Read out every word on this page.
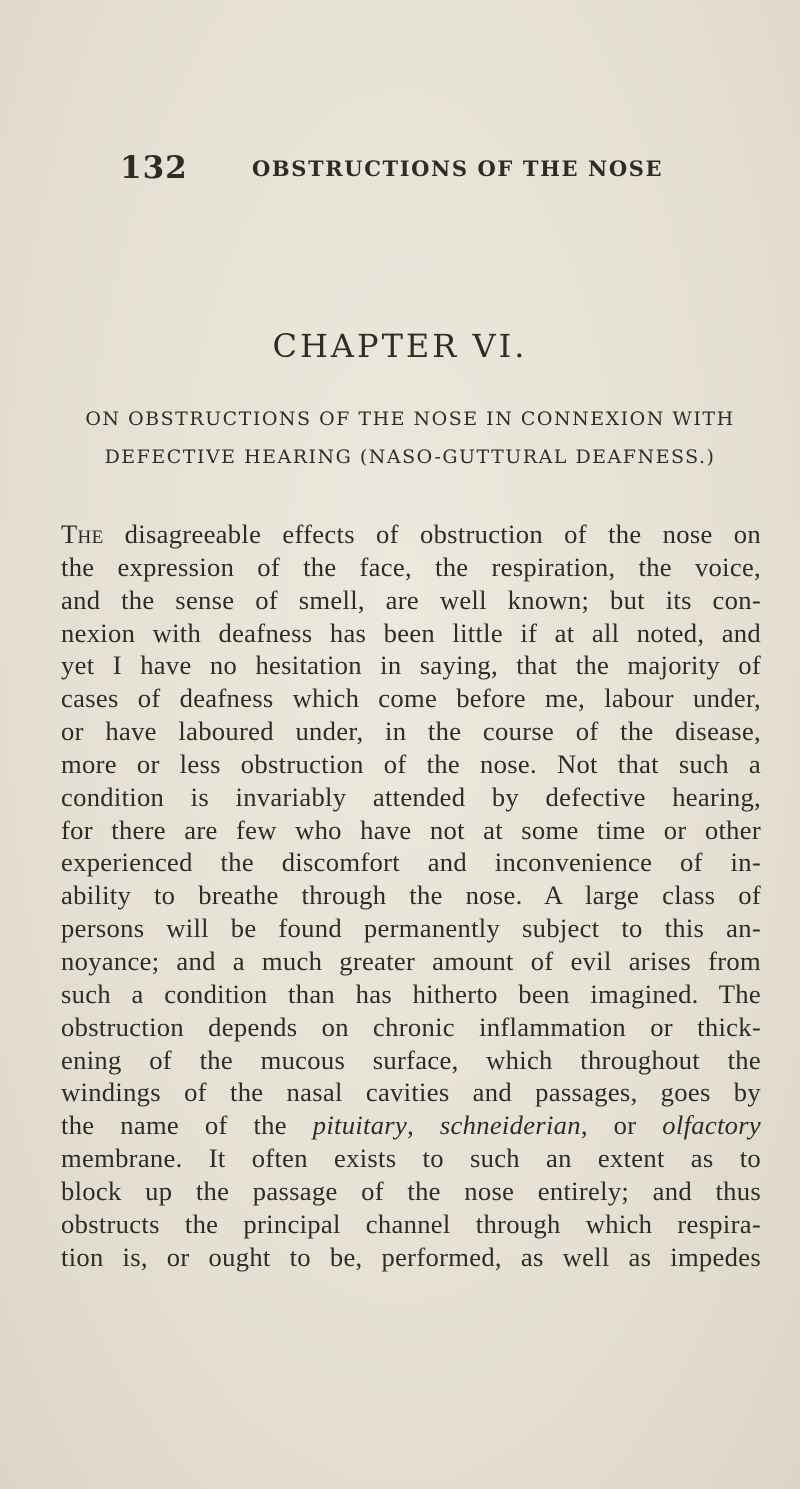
132	OBSTRUCTIONS OF THE NOSE
CHAPTER VI.
ON OBSTRUCTIONS OF THE NOSE IN CONNEXION WITH
DEFECTIVE HEARING (NASO-GUTTURAL DEAFNESS.)
The disagreeable effects of obstruction of the nose on
the expression of the face, the respiration, the voice,
and the sense of smell, are well known; but its con-
nexion with deafness has been little if at all noted, and
yet I have no hesitation in saying, that the majority of
cases of deafness which come before me, labour under,
or have laboured under, in the course of the disease,
more or less obstruction of the nose. Not that such a
condition is invariably attended by defective hearing,
for there are few who have not at some time or other
experienced the discomfort and inconvenience of in-
ability to breathe through the nose. A large class of
persons will be found permanently subject to this an-
noyance; and a much greater amount of evil arises from
such a condition than has hitherto been imagined. The
obstruction depends on chronic inflammation or thick-
ening of the mucous surface, which throughout the
windings of the nasal cavities and passages, goes by
the name of the pituitary, schneiderian, or olfactory
membrane. It often exists to such an extent as to
block up the passage of the nose entirely; and thus
obstructs the principal channel through which respira-
tion is, or ought to be, performed, as well as impedes
